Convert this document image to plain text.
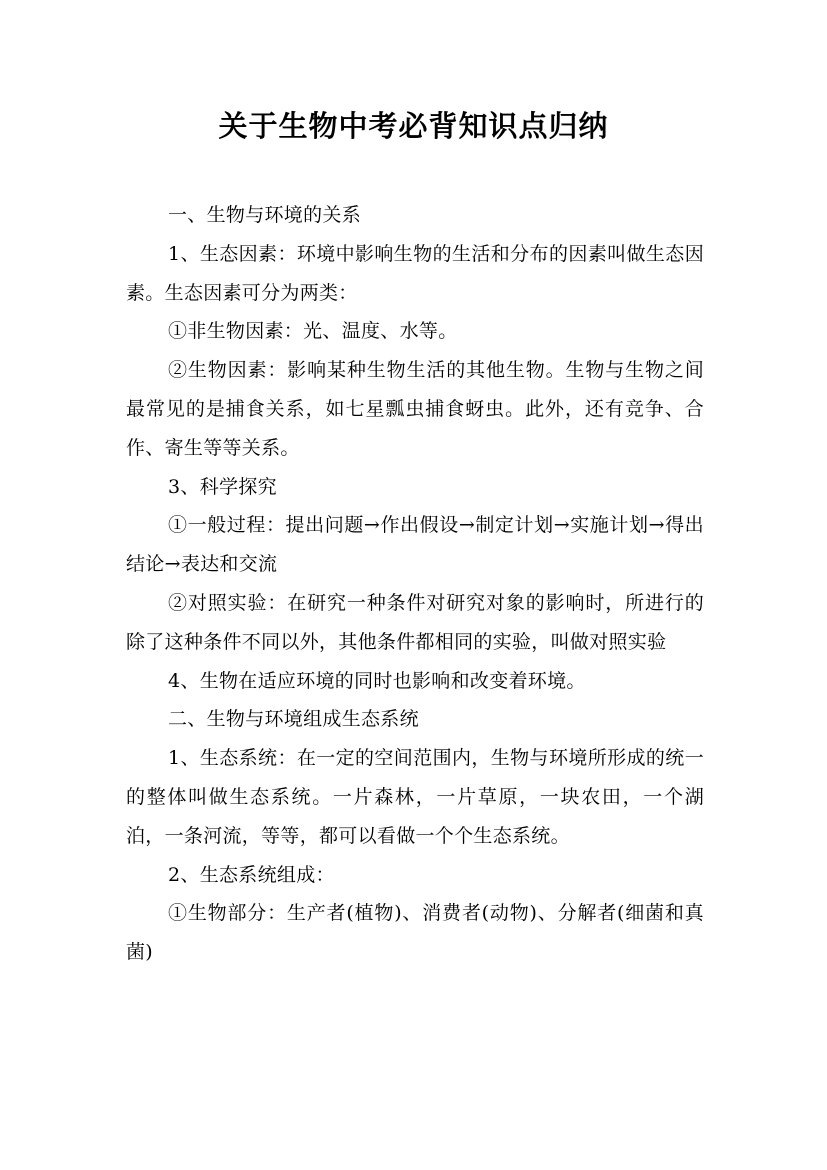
关于生物中考必背知识点归纳

一、生物与环境的关系

1、生态因素：环境中影响生物的生活和分布的因素叫做生态因素。生态因素可分为两类：

①非生物因素：光、温度、水等。

②生物因素：影响某种生物生活的其他生物。生物与生物之间最常见的是捕食关系，如七星瓢虫捕食蚜虫。此外，还有竞争、合作、寄生等等关系。

3、科学探究

①一般过程：提出问题→作出假设→制定计划→实施计划→得出结论→表达和交流

②对照实验：在研究一种条件对研究对象的影响时，所进行的除了这种条件不同以外，其他条件都相同的实验，叫做对照实验

4、生物在适应环境的同时也影响和改变着环境。

二、生物与环境组成生态系统

1、生态系统：在一定的空间范围内，生物与环境所形成的统一的整体叫做生态系统。一片森林，一片草原，一块农田，一个湖泊，一条河流，等等，都可以看做一个个生态系统。

2、生态系统组成：

①生物部分：生产者(植物)、消费者(动物)、分解者(细菌和真菌)
